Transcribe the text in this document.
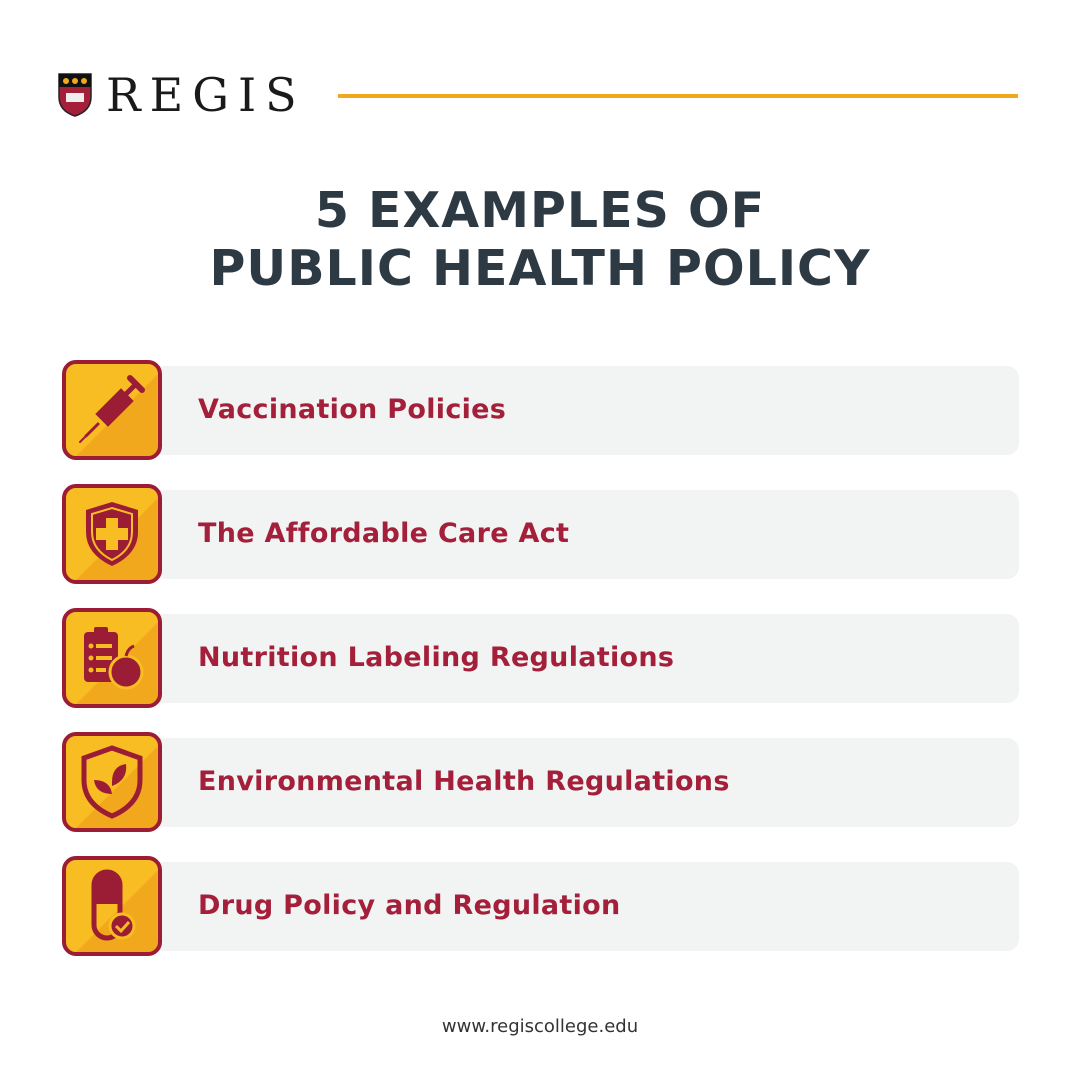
REGIS
5 EXAMPLES OF
PUBLIC HEALTH POLICY
Vaccination Policies
The Affordable Care Act
Nutrition Labeling Regulations
Environmental Health Regulations
Drug Policy and Regulation
www.regiscollege.edu
